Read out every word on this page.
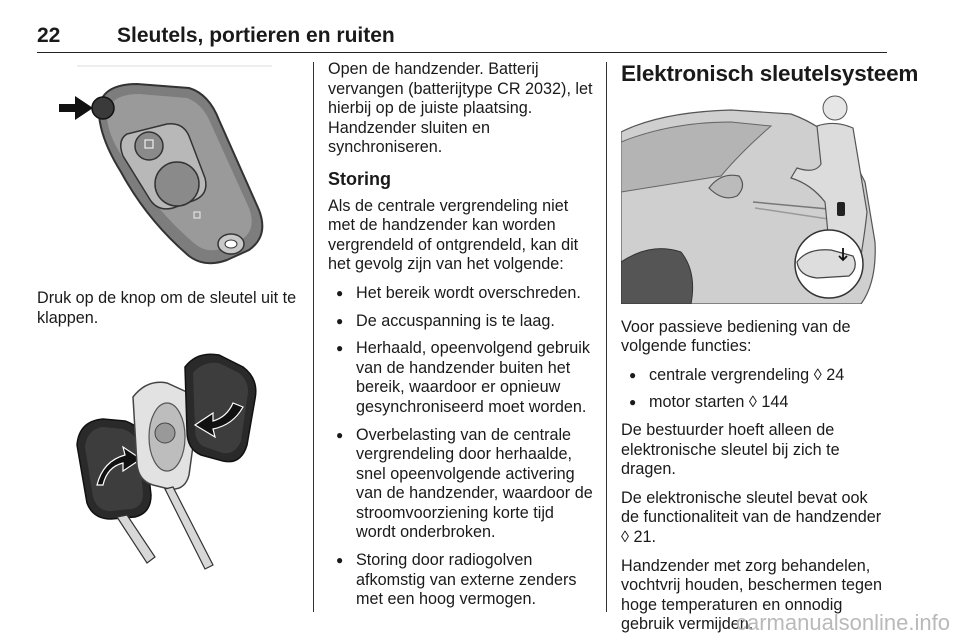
22	Sleutels, portieren en ruiten

Druk op de knop om de sleutel uit te klappen.

Open de handzender. Batterij vervangen (batterijtype CR 2032), let hierbij op de juiste plaatsing. Handzender sluiten en synchroniseren.

Storing

Als de centrale vergrendeling niet met de handzender kan worden vergrendeld of ontgrendeld, kan dit het gevolg zijn van het volgende:

● Het bereik wordt overschreden.
● De accuspanning is te laag.
● Herhaald, opeenvolgend gebruik van de handzender buiten het bereik, waardoor er opnieuw gesynchroniseerd moet worden.
● Overbelasting van de centrale vergrendeling door herhaalde, snel opeenvolgende activering van de handzender, waardoor de stroomvoorziening korte tijd wordt onderbroken.
● Storing door radiogolven afkomstig van externe zenders met een hoog vermogen.
Elektronisch sleutelsysteem

Voor passieve bediening van de volgende functies:

● centrale vergrendeling ◊ 24
● motor starten ◊ 144

De bestuurder hoeft alleen de elektronische sleutel bij zich te dragen.

De elektronische sleutel bevat ook de functionaliteit van de handzender
◊ 21.

Handzender met zorg behandelen, vochtvrij houden, beschermen tegen hoge temperaturen en onnodig gebruik vermijden.

carmanualsonline.info
